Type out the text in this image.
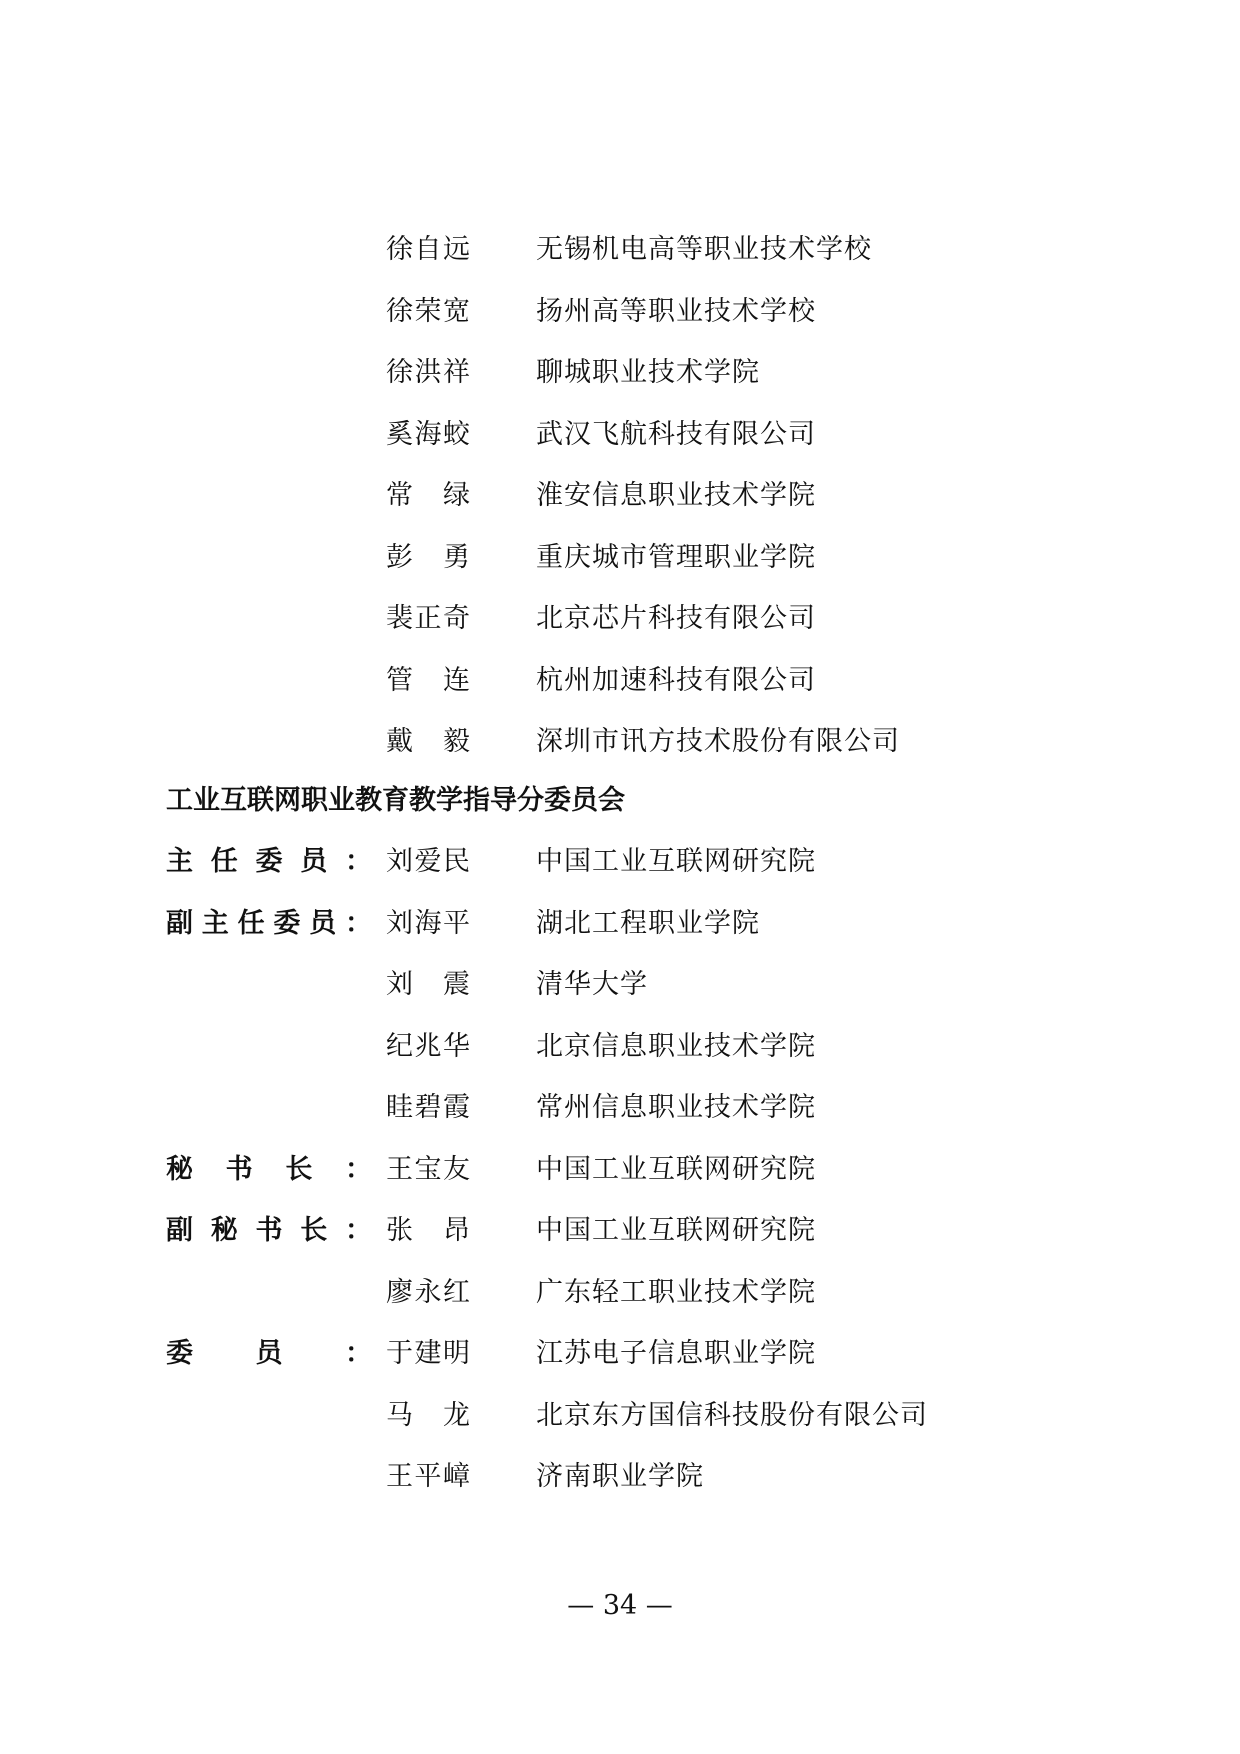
徐 自 远 无锡机电高等职业技术学校
徐 荣 宽 扬州高等职业技术学校
徐 洪 祥 聊城职业技术学院
奚 海 蛟 武汉飞航科技有限公司
常 绿 淮安信息职业技术学院
彭 勇 重庆城市管理职业学院
裴 正 奇 北京芯片科技有限公司
管 连 杭州加速科技有限公司
戴 毅 深圳市讯方技术股份有限公司
工业互联网职业教育教学指导分委员会
主 任 委 员 ： 刘 爱 民 中国工业互联网研究院
副 主 任 委 员 ： 刘 海 平 湖北工程职业学院
刘 震 清华大学
纪 兆 华 北京信息职业技术学院
眭 碧 霞 常州信息职业技术学院
秘 书 长 ： 王 宝 友 中国工业互联网研究院
副 秘 书 长 ： 张 昂 中国工业互联网研究院
廖 永 红 广东轻工职业技术学院
委 员 ： 于 建 明 江苏电子信息职业学院
马 龙 北京东方国信科技股份有限公司
王 平 嶂 济南职业学院
— 34 —
